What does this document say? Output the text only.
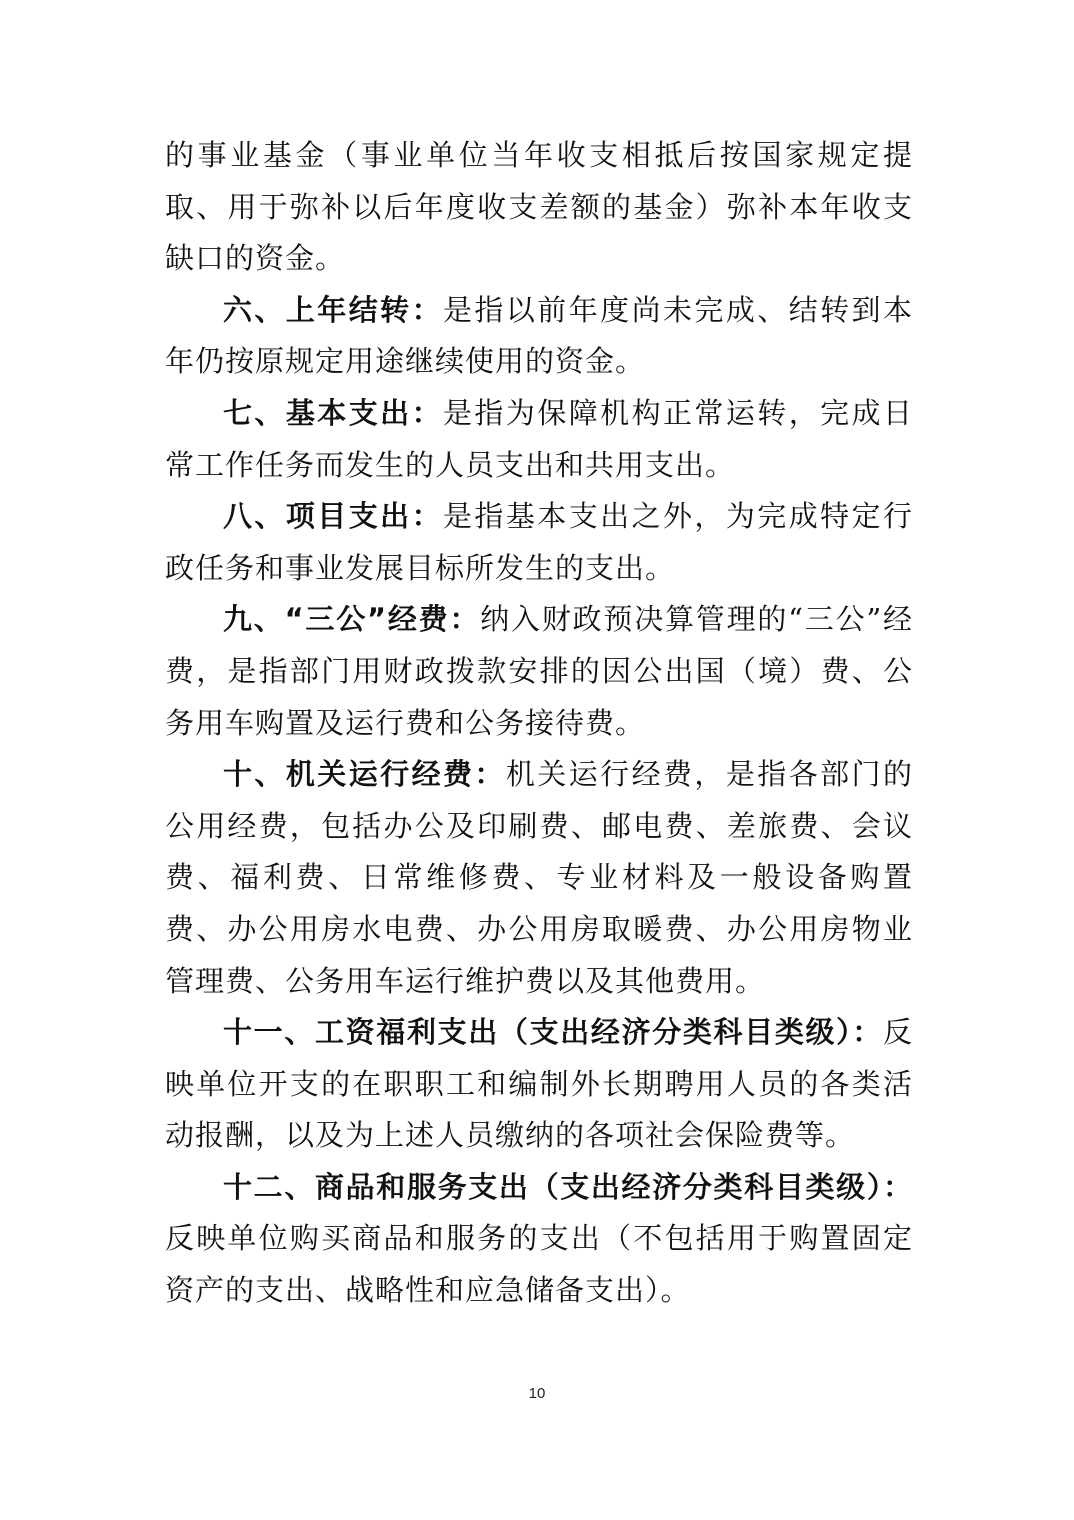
的事业基金（事业单位当年收支相抵后按国家规定提取、用于弥补以后年度收支差额的基金）弥补本年收支缺口的资金。

六、上年结转：是指以前年度尚未完成、结转到本年仍按原规定用途继续使用的资金。

七、基本支出：是指为保障机构正常运转，完成日常工作任务而发生的人员支出和共用支出。

八、项目支出：是指基本支出之外，为完成特定行政任务和事业发展目标所发生的支出。

九、“三公”经费：纳入财政预决算管理的“三公”经费，是指部门用财政拨款安排的因公出国（境）费、公务用车购置及运行费和公务接待费。

十、机关运行经费：机关运行经费，是指各部门的公用经费，包括办公及印刷费、邮电费、差旅费、会议费、福利费、日常维修费、专业材料及一般设备购置费、办公用房水电费、办公用房取暖费、办公用房物业管理费、公务用车运行维护费以及其他费用。

十一、工资福利支出（支出经济分类科目类级）：反映单位开支的在职职工和编制外长期聘用人员的各类活动报酬，以及为上述人员缴纳的各项社会保险费等。

十二、商品和服务支出（支出经济分类科目类级）：反映单位购买商品和服务的支出（不包括用于购置固定资产的支出、战略性和应急储备支出）。

10
